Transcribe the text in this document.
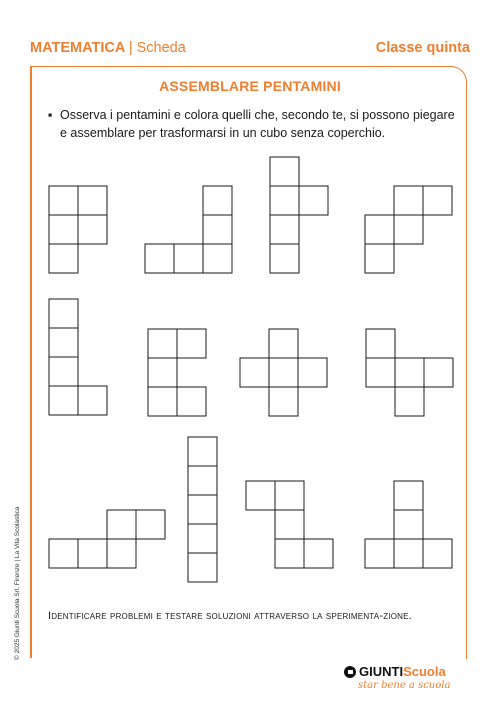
MATEMATICA | Scheda	Classe quinta
ASSEMBLARE PENTAMINI
▪ Osserva i pentamini e colora quelli che, secondo te, si possono piegare e assemblare per trasformarsi in un cubo senza coperchio.
Identificare problemi e testare soluzioni attraverso la sperimenta-zione.
© 2025 Giunti Scuola Srl, Firenze | La Vita Scolastica
GIUNTI Scuola
star bene a scuola
